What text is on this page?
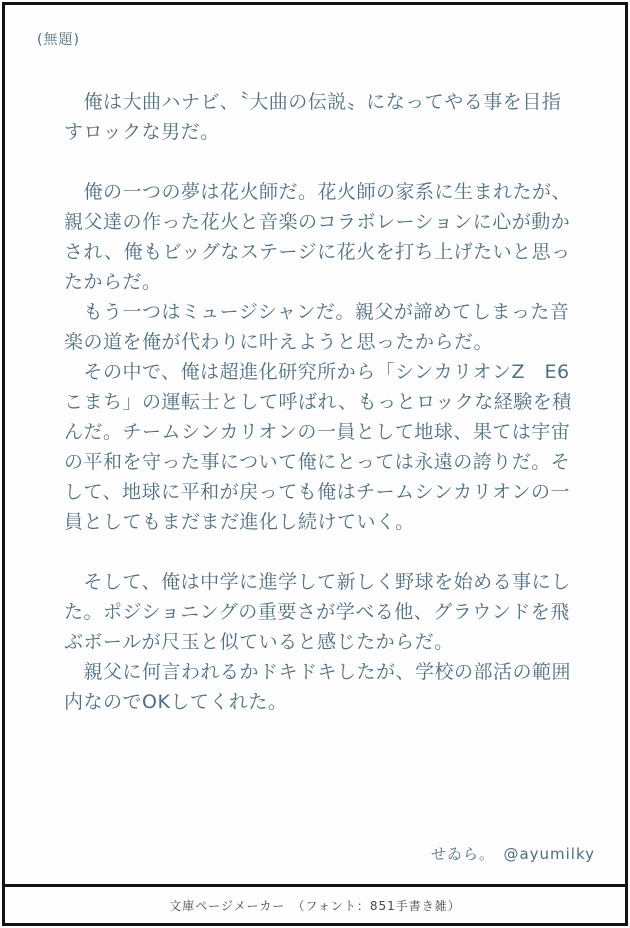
(無題)
　俺は大曲ハナビ、〝大曲の伝説〟になってやる事を目指
すロックな男だ。
　俺の一つの夢は花火師だ。花火師の家系に生まれたが、
親父達の作った花火と音楽のコラボレーションに心が動か
され、俺もビッグなステージに花火を打ち上げたいと思っ
たからだ。
　もう一つはミュージシャンだ。親父が諦めてしまった音
楽の道を俺が代わりに叶えようと思ったからだ。
　その中で、俺は超進化研究所から「シンカリオンZ　E6
こまち」の運転士として呼ばれ、もっとロックな経験を積
んだ。チームシンカリオンの一員として地球、果ては宇宙
の平和を守った事について俺にとっては永遠の誇りだ。そ
して、地球に平和が戻っても俺はチームシンカリオンの一
員としてもまだまだ進化し続けていく。
　そして、俺は中学に進学して新しく野球を始める事にし
た。ポジショニングの重要さが学べる他、グラウンドを飛
ぶボールが尺玉と似ていると感じたからだ。
　親父に何言われるかドキドキしたが、学校の部活の範囲
内なのでOKしてくれた。
せゐら。　@ayumilky
文庫ページメーカー　（フォント：851手書き雑）
